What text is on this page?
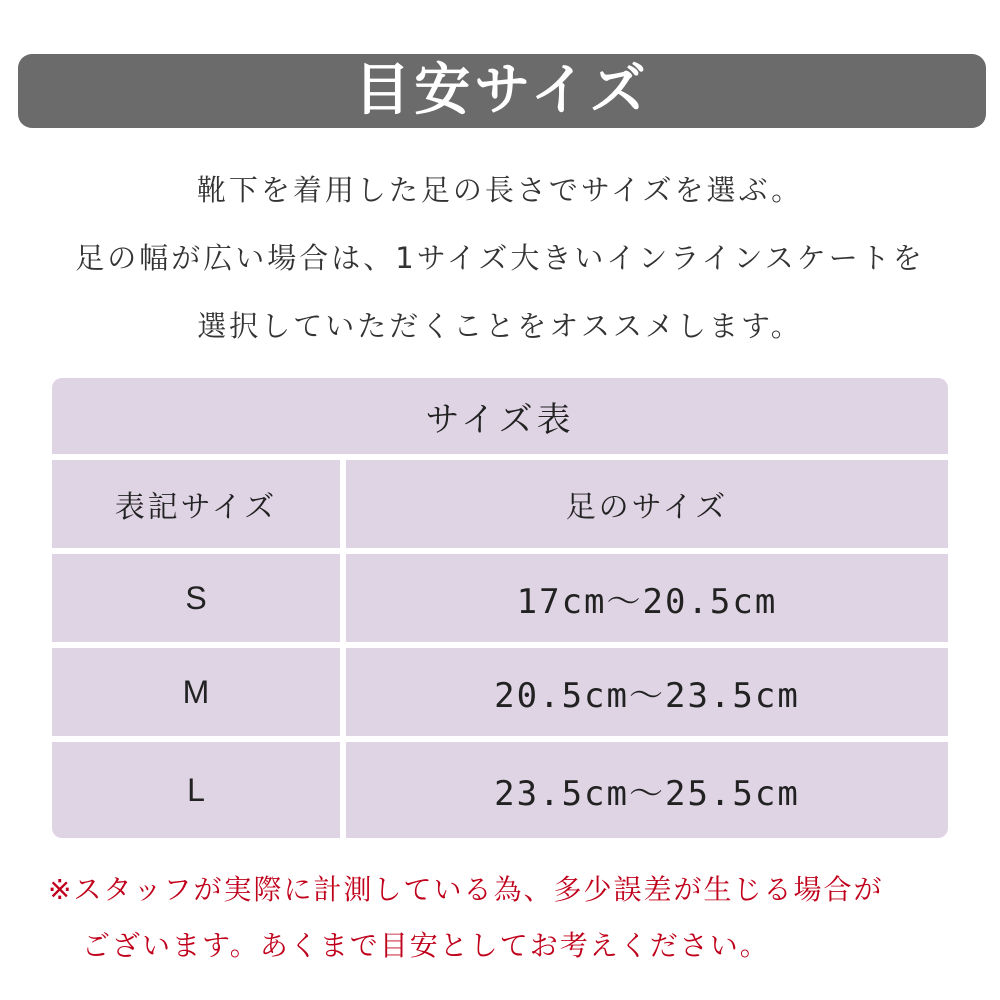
目安サイズ
靴下を着用した足の長さでサイズを選ぶ。
足の幅が広い場合は、1サイズ大きいインラインスケートを
選択していただくことをオススメします。
サイズ表
表記サイズ	足のサイズ
S	17cm〜20.5cm
M	20.5cm〜23.5cm
L	23.5cm〜25.5cm
※スタッフが実際に計測している為、多少誤差が生じる場合が
ございます。あくまで目安としてお考えください。
